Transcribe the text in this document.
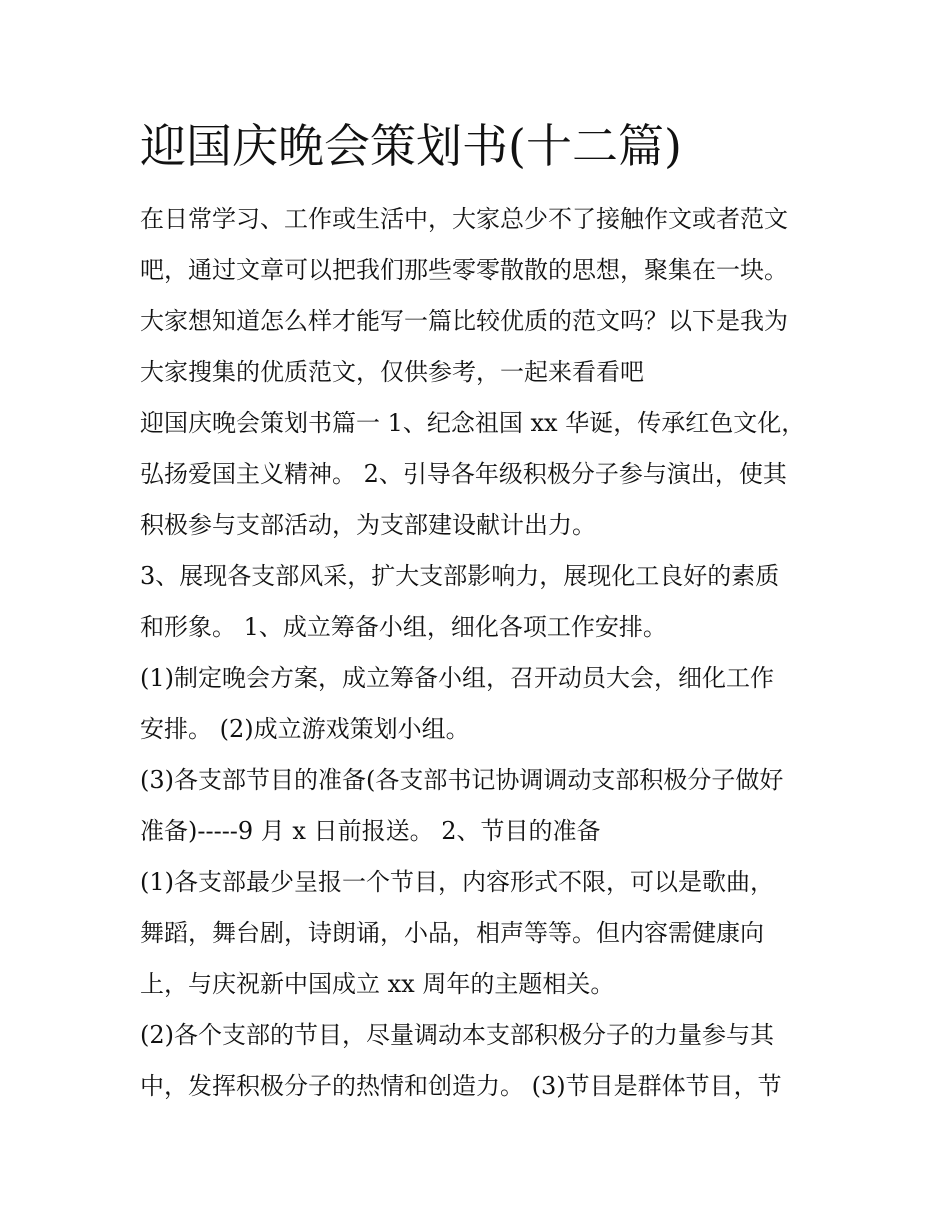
迎国庆晚会策划书(十二篇)

在日常学习、工作或生活中，大家总少不了接触作文或者范文

吧，通过文章可以把我们那些零零散散的思想，聚集在一块。

大家想知道怎么样才能写一篇比较优质的范文吗？以下是我为

大家搜集的优质范文，仅供参考，一起来看看吧

迎国庆晚会策划书篇一 1、纪念祖国 xx 华诞，传承红色文化，

弘扬爱国主义精神。 2、引导各年级积极分子参与演出，使其

积极参与支部活动，为支部建设献计出力。

3、展现各支部风采，扩大支部影响力，展现化工良好的素质

和形象。 1、成立筹备小组，细化各项工作安排。

(1)制定晚会方案，成立筹备小组，召开动员大会，细化工作

安排。 (2)成立游戏策划小组。

(3)各支部节目的准备(各支部书记协调调动支部积极分子做好

准备)-----9 月 x 日前报送。 2、节目的准备

(1)各支部最少呈报一个节目，内容形式不限，可以是歌曲，

舞蹈，舞台剧，诗朗诵，小品，相声等等。但内容需健康向

上，与庆祝新中国成立 xx 周年的主题相关。

(2)各个支部的节目，尽量调动本支部积极分子的力量参与其

中，发挥积极分子的热情和创造力。 (3)节目是群体节目，节
